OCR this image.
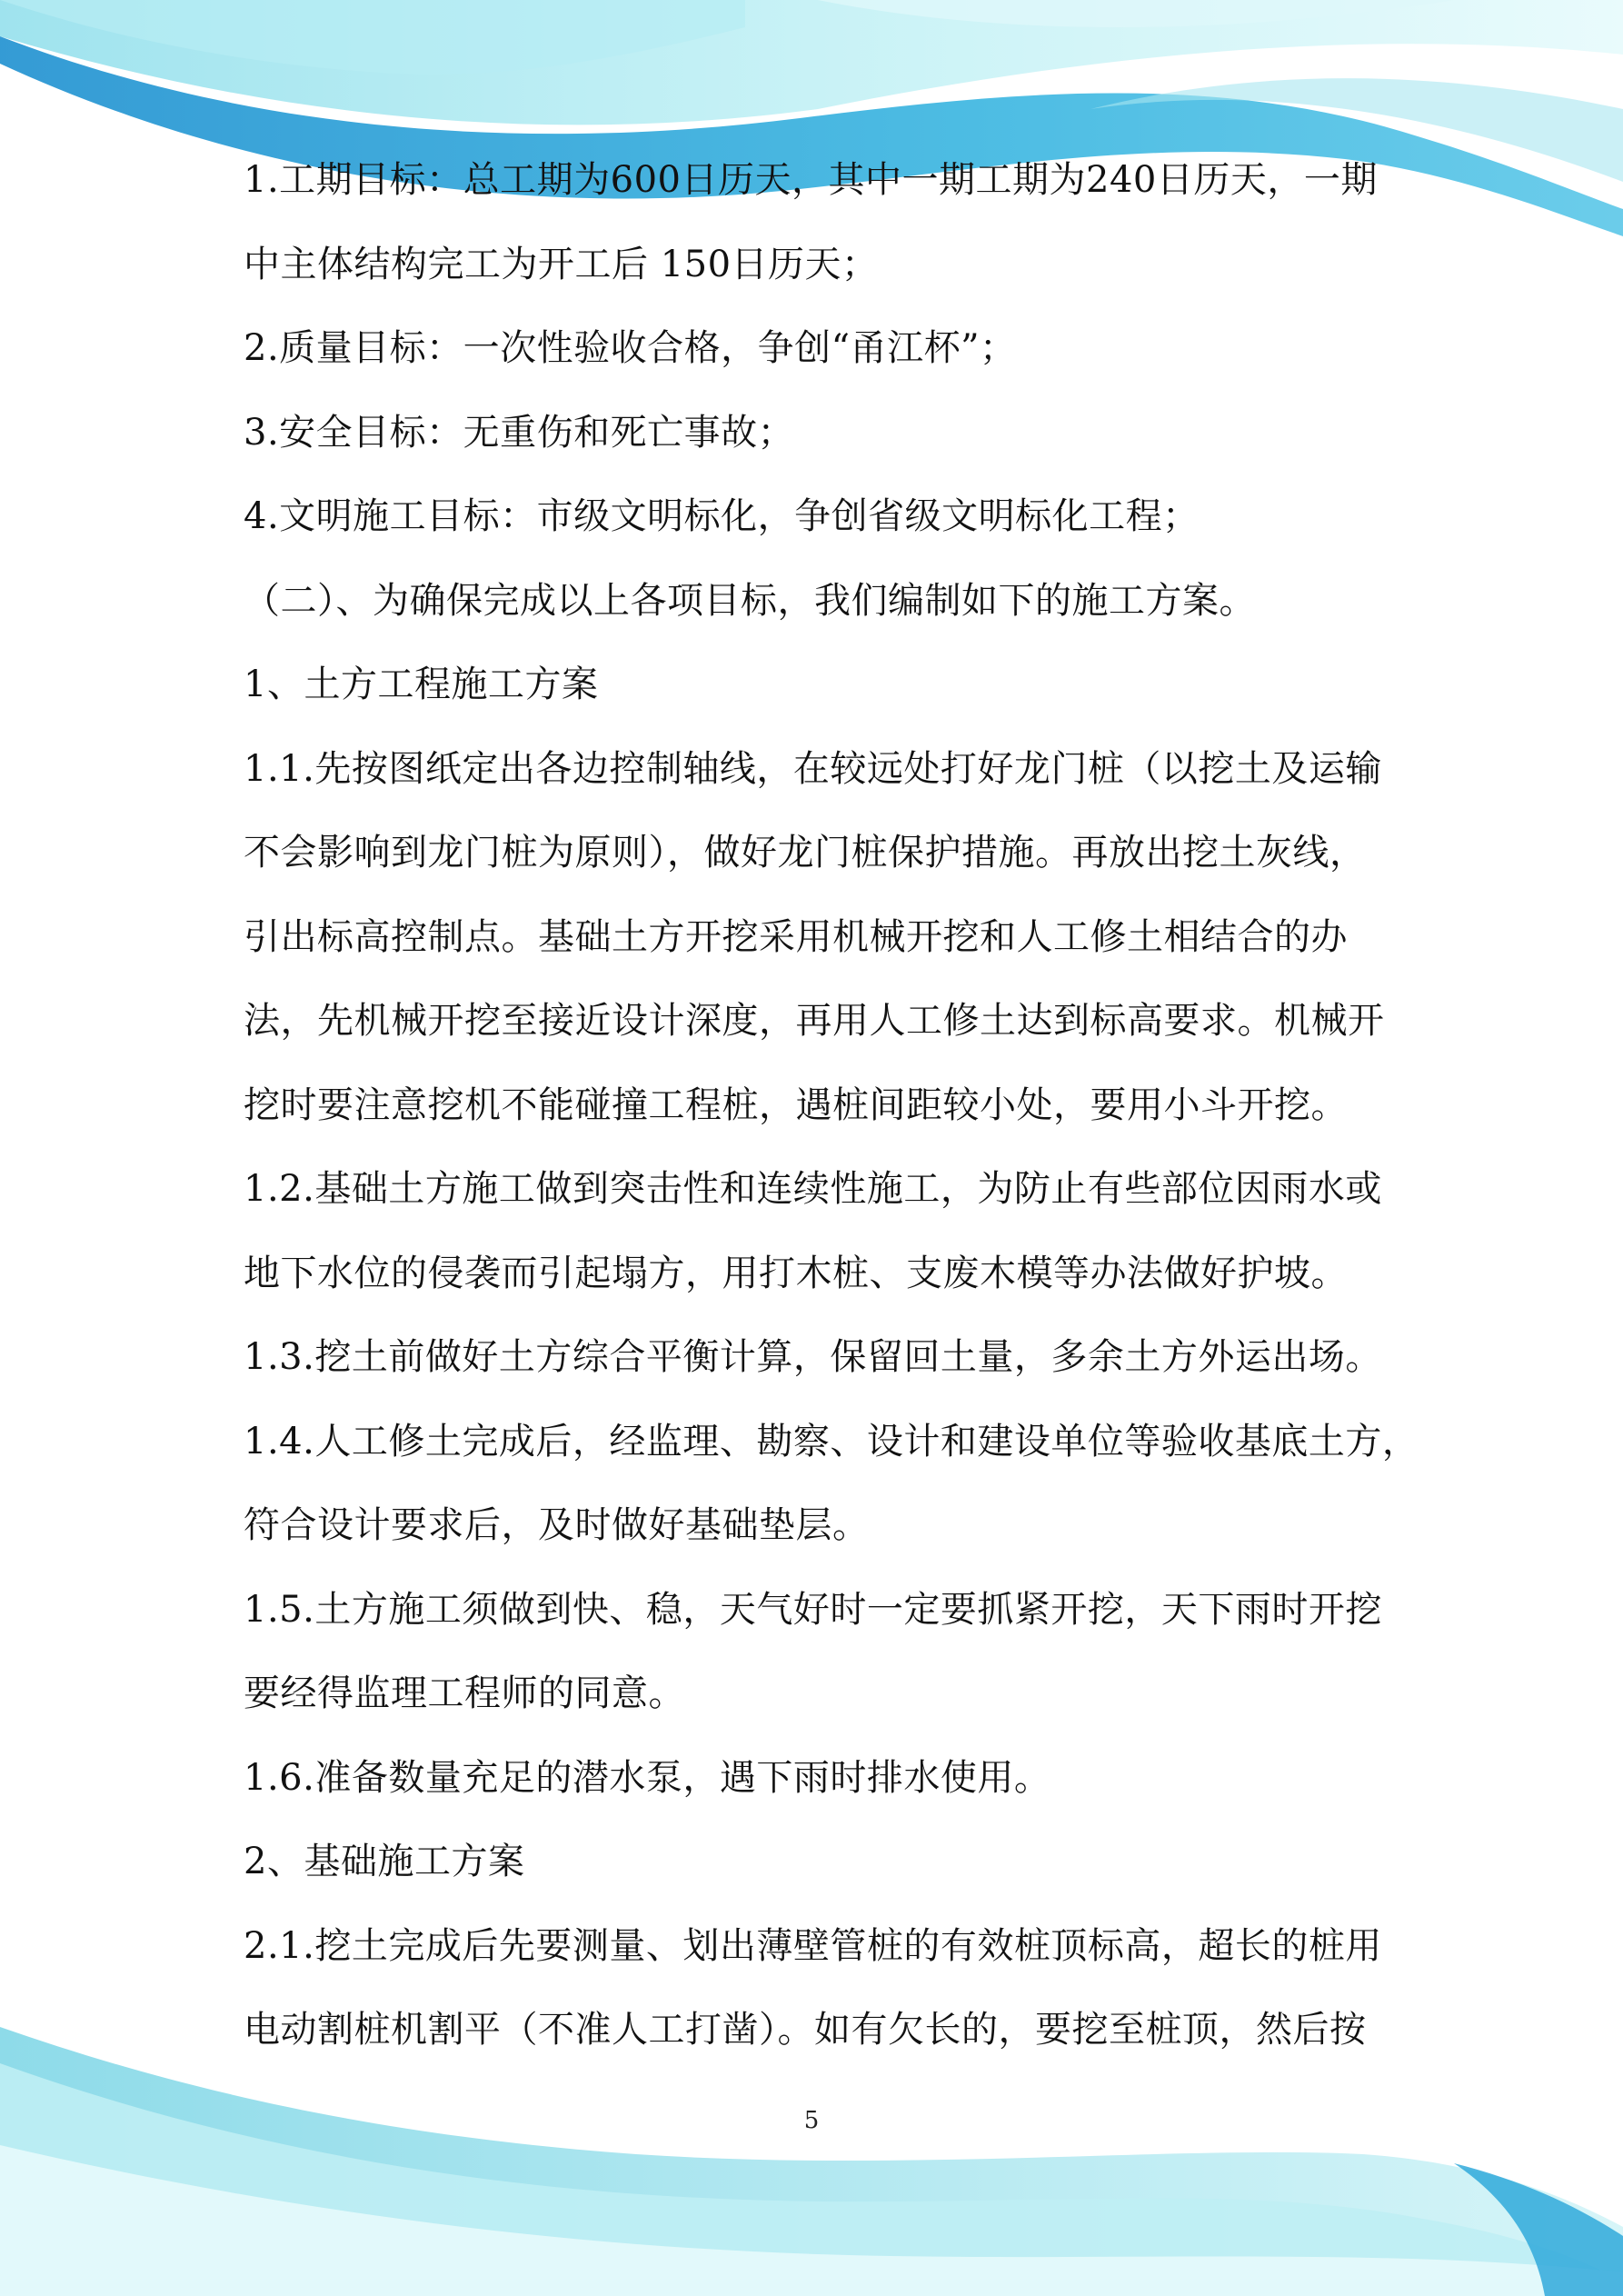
1.工期目标：总工期为600日历天，其中一期工期为240日历天，一期

中主体结构完工为开工后 150日历天；

2.质量目标：一次性验收合格，争创“甬江杯”；

3.安全目标：无重伤和死亡事故；

4.文明施工目标：市级文明标化，争创省级文明标化工程；

（二）、为确保完成以上各项目标，我们编制如下的施工方案。

1、土方工程施工方案

1.1.先按图纸定出各边控制轴线，在较远处打好龙门桩（以挖土及运输

不会影响到龙门桩为原则），做好龙门桩保护措施。再放出挖土灰线，

引出标高控制点。基础土方开挖采用机械开挖和人工修土相结合的办

法，先机械开挖至接近设计深度，再用人工修土达到标高要求。机械开

挖时要注意挖机不能碰撞工程桩，遇桩间距较小处，要用小斗开挖。

1.2.基础土方施工做到突击性和连续性施工，为防止有些部位因雨水或

地下水位的侵袭而引起塌方，用打木桩、支废木模等办法做好护坡。

1.3.挖土前做好土方综合平衡计算，保留回土量，多余土方外运出场。

1.4.人工修土完成后，经监理、勘察、设计和建设单位等验收基底土方，

符合设计要求后，及时做好基础垫层。

1.5.土方施工须做到快、稳，天气好时一定要抓紧开挖，天下雨时开挖

要经得监理工程师的同意。

1.6.准备数量充足的潜水泵，遇下雨时排水使用。

2、基础施工方案

2.1.挖土完成后先要测量、划出薄壁管桩的有效桩顶标高，超长的桩用

电动割桩机割平（不准人工打凿）。如有欠长的，要挖至桩顶，然后按

5
